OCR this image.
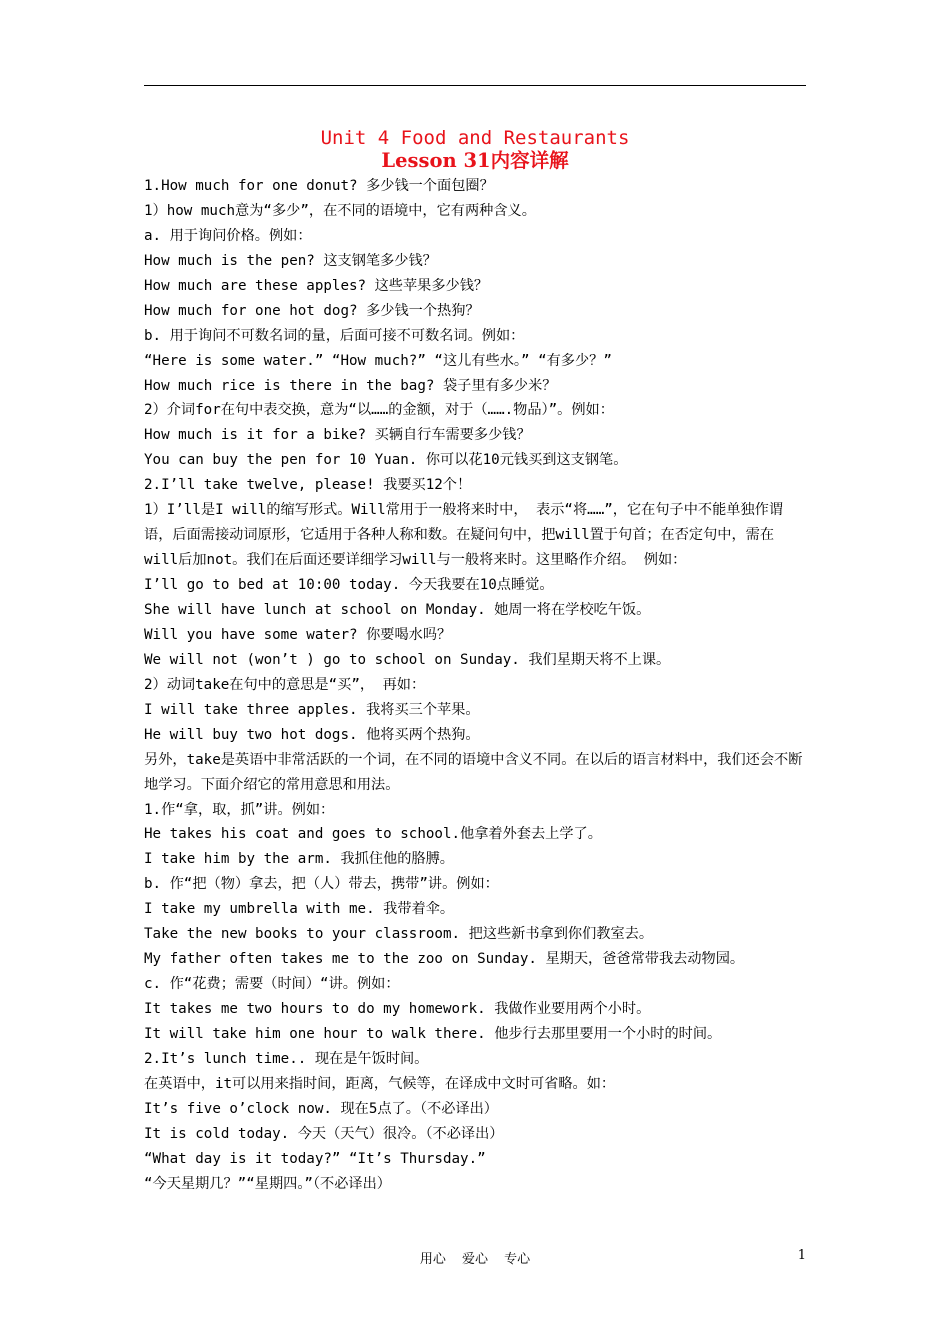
Unit 4 Food and Restaurants
Lesson 31内容详解
1.How much for one donut? 多少钱一个面包圈？
1）how much意为“多少”，在不同的语境中，它有两种含义。
a. 用于询问价格。例如：
How much is the pen? 这支钢笔多少钱？
How much are these apples? 这些苹果多少钱？
How much for one hot dog? 多少钱一个热狗？
b. 用于询问不可数名词的量，后面可接不可数名词。例如：
“Here is some water.” “How much?” “这儿有些水。” “有多少？”
How much rice is there in the bag? 袋子里有多少米？
2）介词for在句中表交换，意为“以……的金额，对于（…….物品）”。例如：
How much is it for a bike? 买辆自行车需要多少钱？
You can buy the pen for 10 Yuan. 你可以花10元钱买到这支钢笔。
2.I’ll take twelve, please! 我要买12个！
1）I’ll是I will的缩写形式。Will常用于一般将来时中， 表示“将……”，它在句子中不能单独作谓语，后面需接动词原形，它适用于各种人称和数。在疑问句中，把will置于句首；在否定句中，需在will后加not。我们在后面还要详细学习will与一般将来时。这里略作介绍。 例如：
I’ll go to bed at 10:00 today. 今天我要在10点睡觉。
She will have lunch at school on Monday. 她周一将在学校吃午饭。
Will you have some water? 你要喝水吗？
We will not (won’t ) go to school on Sunday. 我们星期天将不上课。
2）动词take在句中的意思是“买”， 再如：
I will take three apples. 我将买三个苹果。
He will buy two hot dogs. 他将买两个热狗。
另外，take是英语中非常活跃的一个词，在不同的语境中含义不同。在以后的语言材料中，我们还会不断地学习。下面介绍它的常用意思和用法。
1.作“拿，取，抓”讲。例如：
He takes his coat and goes to school.他拿着外套去上学了。
I take him by the arm. 我抓住他的胳膊。
b. 作“把（物）拿去，把（人）带去，携带”讲。例如：
I take my umbrella with me. 我带着伞。
Take the new books to your classroom. 把这些新书拿到你们教室去。
My father often takes me to the zoo on Sunday. 星期天，爸爸常带我去动物园。
c. 作“花费；需要（时间）“讲。例如：
It takes me two hours to do my homework. 我做作业要用两个小时。
It will take him one hour to walk there. 他步行去那里要用一个小时的时间。
2.It’s lunch time.. 现在是午饭时间。
在英语中，it可以用来指时间，距离，气候等，在译成中文时可省略。如：
It’s five o’clock now. 现在5点了。（不必译出）
It is cold today. 今天（天气）很冷。（不必译出）
“What day is it today?” “It’s Thursday.”
“今天星期几？”“星期四。”（不必译出）
用心 爱心 专心	1
